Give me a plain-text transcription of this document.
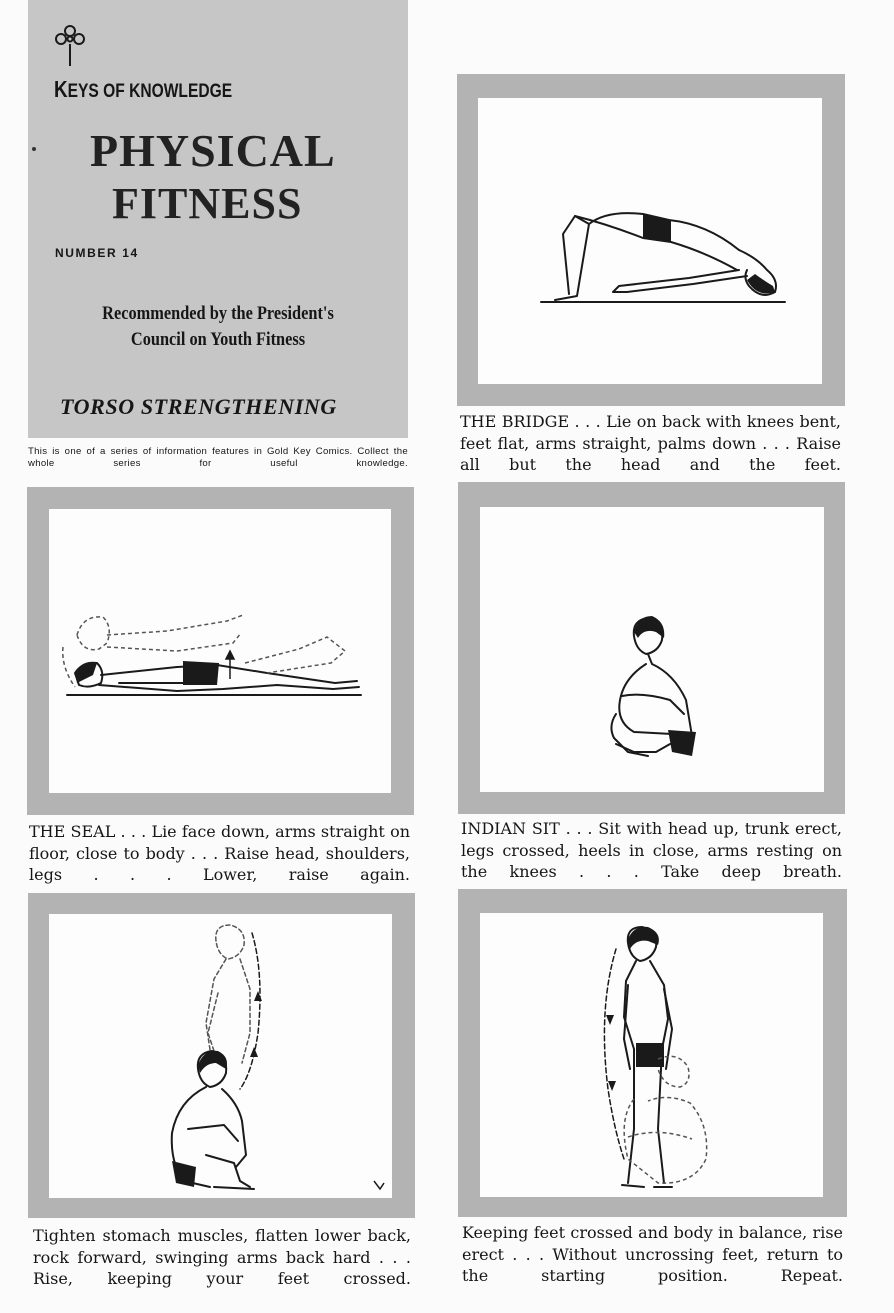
KEYS OF KNOWLEDGE
PHYSICAL
FITNESS
NUMBER 14
Recommended by the President's
Council on Youth Fitness
TORSO STRENGTHENING
This is one of a series of information features in Gold Key Comics. Collect the whole series for useful knowledge.
THE BRIDGE . . . Lie on back with knees bent, feet flat, arms straight, palms down . . . Raise all but the head and the feet.
THE SEAL . . . Lie face down, arms straight on floor, close to body . . . Raise head, shoulders, legs . . . Lower, raise again.
INDIAN SIT . . . Sit with head up, trunk erect, legs crossed, heels in close, arms resting on the knees . . . Take deep breath.
Tighten stomach muscles, flatten lower back, rock forward, swinging arms back hard . . . Rise, keeping your feet crossed.
Keeping feet crossed and body in balance, rise erect . . . Without uncrossing feet, return to the starting position. Repeat.
